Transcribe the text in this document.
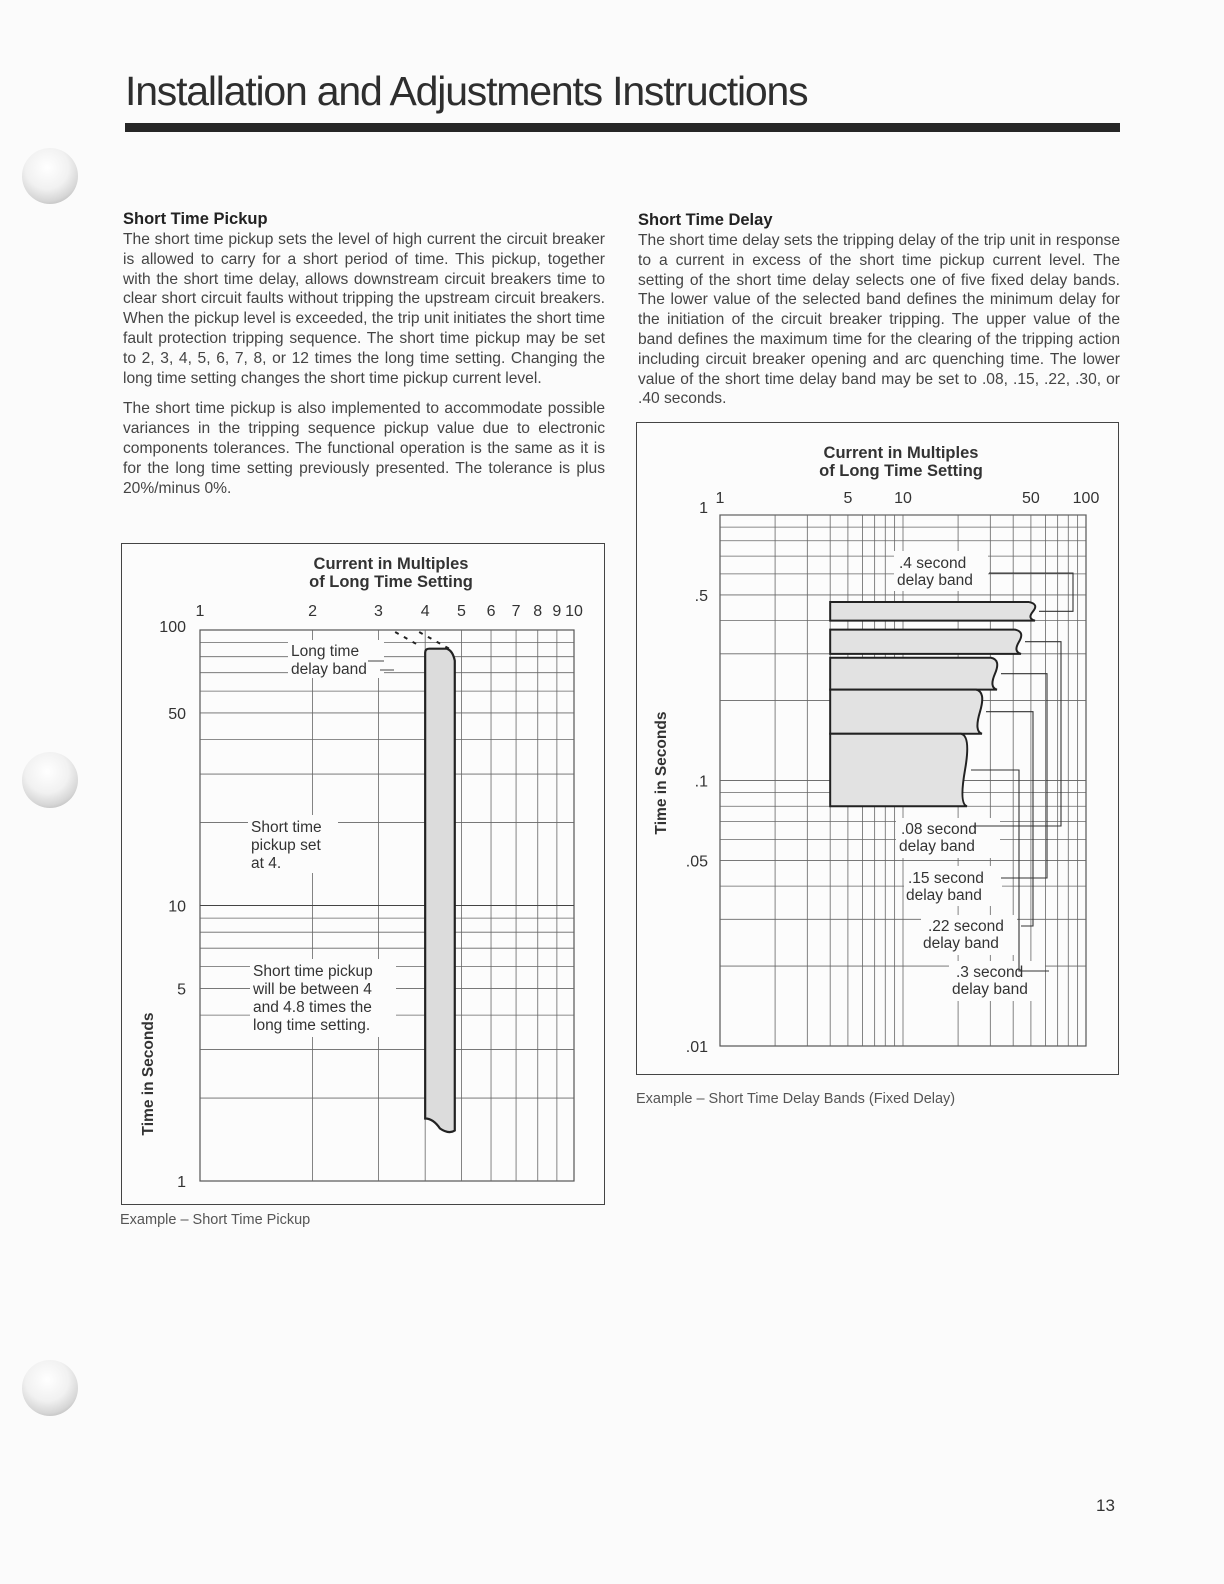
Installation and Adjustments Instructions
Short Time Pickup

The short time pickup sets the level of high current the circuit breaker is allowed to carry for a short period of time. This pickup, together with the short time delay, allows downstream circuit breakers time to clear short circuit faults without tripping the upstream circuit breakers. When the pickup level is exceeded, the trip unit initiates the short time fault protection tripping sequence. The short time pickup may be set to 2, 3, 4, 5, 6, 7, 8, or 12 times the long time setting. Changing the long time setting changes the short time pickup current level.

The short time pickup is also implemented to accommodate possible variances in the tripping sequence pickup value due to electronic components tolerances. The functional operation is the same as it is for the long time setting previously presented. The tolerance is plus 20%/minus 0%.

Short Time Delay

The short time delay sets the tripping delay of the trip unit in response to a current in excess of the short time pickup current level. The setting of the short time delay selects one of five fixed delay bands. The lower value of the selected band defines the minimum delay for the initiation of the circuit breaker tripping. The upper value of the band defines the maximum time for the clearing of the tripping action including circuit breaker opening and arc quenching time. The lower value of the short time delay band may be set to .08, .15, .22, .30, or .40 seconds.

Current in Multiples
of Long Time Setting
Time in Seconds
1	2	3 4 5 6 7 8 9 10
100
50
10
5
1
Long time
delay band
Short time
pickup set
at 4.
Short time pickup
will be between 4
and 4.8 times the
long time setting.
Example – Short Time Pickup
Current in Multiples
of Long Time Setting
Time in Seconds
1	5	10	50 100
1
.5
.1
.05
.01
.4 second
delay band
.08 second
delay band
.15 second
delay band
.22 second
delay band
.3 second
delay band
Example – Short Time Delay Bands (Fixed Delay)
13
